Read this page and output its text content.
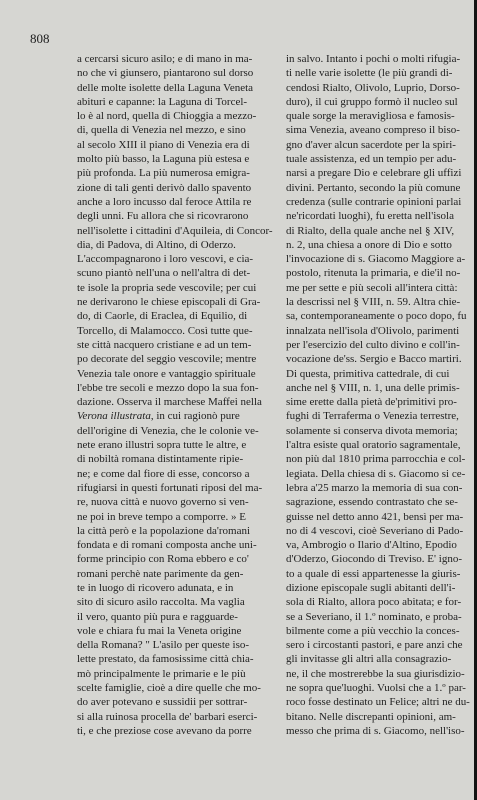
808
a cercarsi sicuro asilo; e di mano in ma-
no che vi giunsero, piantarono sul dorso
delle molte isolette della Laguna Veneta
abituri e capanne: la Laguna di Torcel-
lo è al nord, quella di Chioggia a mezzo-
di, quella di Venezia nel mezzo, e sino
al secolo XIII il piano di Venezia era di
molto più basso, la Laguna più estesa e
più profonda. La più numerosa emigra-
zione di tali genti derivò dallo spavento
anche a loro incusso dal feroce Attila re
degli unni. Fu allora che si ricovrarono
nell'isolette i cittadini d'Aquileia, di Concor-
dia, di Padova, di Altino, di Oderzo.
L'accompagnarono i loro vescovi, e cia-
scuno piantò nell'una o nell'altra di det-
te isole la propria sede vescovile; per cui
ne derivarono le chiese episcopali di Gra-
do, di Caorle, di Eraclea, di Equilio, di
Torcello, di Malamocco. Così tutte que-
ste città nacquero cristiane e ad un tem-
po decorate del seggio vescovile; mentre
Venezia tale onore e vantaggio spirituale
l'ebbe tre secoli e mezzo dopo la sua fon-
dazione. Osserva il marchese Maffei nella
Verona illustrata, in cui ragionò pure
dell'origine di Venezia, che le colonie ve-
nete erano illustri sopra tutte le altre, e
di nobiltà romana distintamente ripie-
ne; e come dal fiore di esse, concorso a
rifugiarsi in questi fortunati riposi del ma-
re, nuova città e nuovo governo si ven-
ne poi in breve tempo a comporre. » E
la città però e la popolazione da'romani
fondata e di romani composta anche uni-
forme principio con Roma ebbero e co'
romani perchè nate parimente da gen-
te in luogo di ricovero adunata, e in
sito di sicuro asilo raccolta. Ma vaglia
il vero, quanto più pura e ragguarde-
vole e chiara fu mai la Veneta origine
della Romana? " L'asilo per queste iso-
lette prestato, da famosissime città chia-
mò principalmente le primarie e le più
scelte famiglie, cioè a dire quelle che mo-
do aver potevano e sussidii per sottrar-
si alla ruinosa procella de' barbari eserci-
ti, e che preziose cose avevano da porre
in salvo. Intanto i pochi o molti rifugia-
ti nelle varie isolette (le più grandi di-
cendosi Rialto, Olivolo, Luprio, Dorso-
duro), il cui gruppo formò il nucleo sul
quale sorge la meravigliosa e famosis-
sima Venezia, aveano compreso il biso-
gno d'aver alcun sacerdote per la spiri-
tuale assistenza, ed un tempio per adu-
narsi a pregare Dio e celebrare gli uffizi
divini. Pertanto, secondo la più comune
credenza (sulle contrarie opinioni parlai
ne'ricordati luoghi), fu eretta nell'isola
di Rialto, della quale anche nel § XIV,
n. 2, una chiesa a onore di Dio e sotto
l'invocazione di s. Giacomo Maggiore a-
postolo, ritenuta la primaria, e die'il no-
me per sette e più secoli all'intera città:
la descrissi nel § VIII, n. 59. Altra chie-
sa, contemporaneamente o poco dopo, fu
innalzata nell'isola d'Olivolo, parimenti
per l'esercizio del culto divino e coll'in-
vocazione de'ss. Sergio e Bacco martiri.
Di questa, primitiva cattedrale, di cui
anche nel § VIII, n. 1, una delle primis-
sime erette dalla pietà de'primitivi pro-
fughi di Terraferma o Venezia terrestre,
solamente si conserva divota memoria;
l'altra esiste qual oratorio sagramentale,
non più dal 1810 prima parrocchia e col-
legiata. Della chiesa di s. Giacomo si ce-
lebra a'25 marzo la memoria di sua con-
sagrazione, essendo contrastato che se-
guisse nel detto anno 421, bensì per ma-
no di 4 vescovi, cioè Severiano di Pado-
va, Ambrogio o Ilario d'Altino, Epodio
d'Oderzo, Giocondo di Treviso. E' igno-
to a quale di essi appartenesse la giuris-
dizione episcopale sugli abitanti dell'i-
sola di Rialto, allora poco abitata; e for-
se a Severiano, il 1.º nominato, e proba-
bilmente come a più vecchio la conces-
sero i circostanti pastori, e pare anzi che
gli invitasse gli altri alla consagrazio-
ne, il che mostrerebbe la sua giurisdizio-
ne sopra que'luoghi. Vuolsi che a 1.º par-
roco fosse destinato un Felice; altri ne du-
bitano. Nelle discrepanti opinioni, am-
messo che prima di s. Giacomo, nell'iso-
